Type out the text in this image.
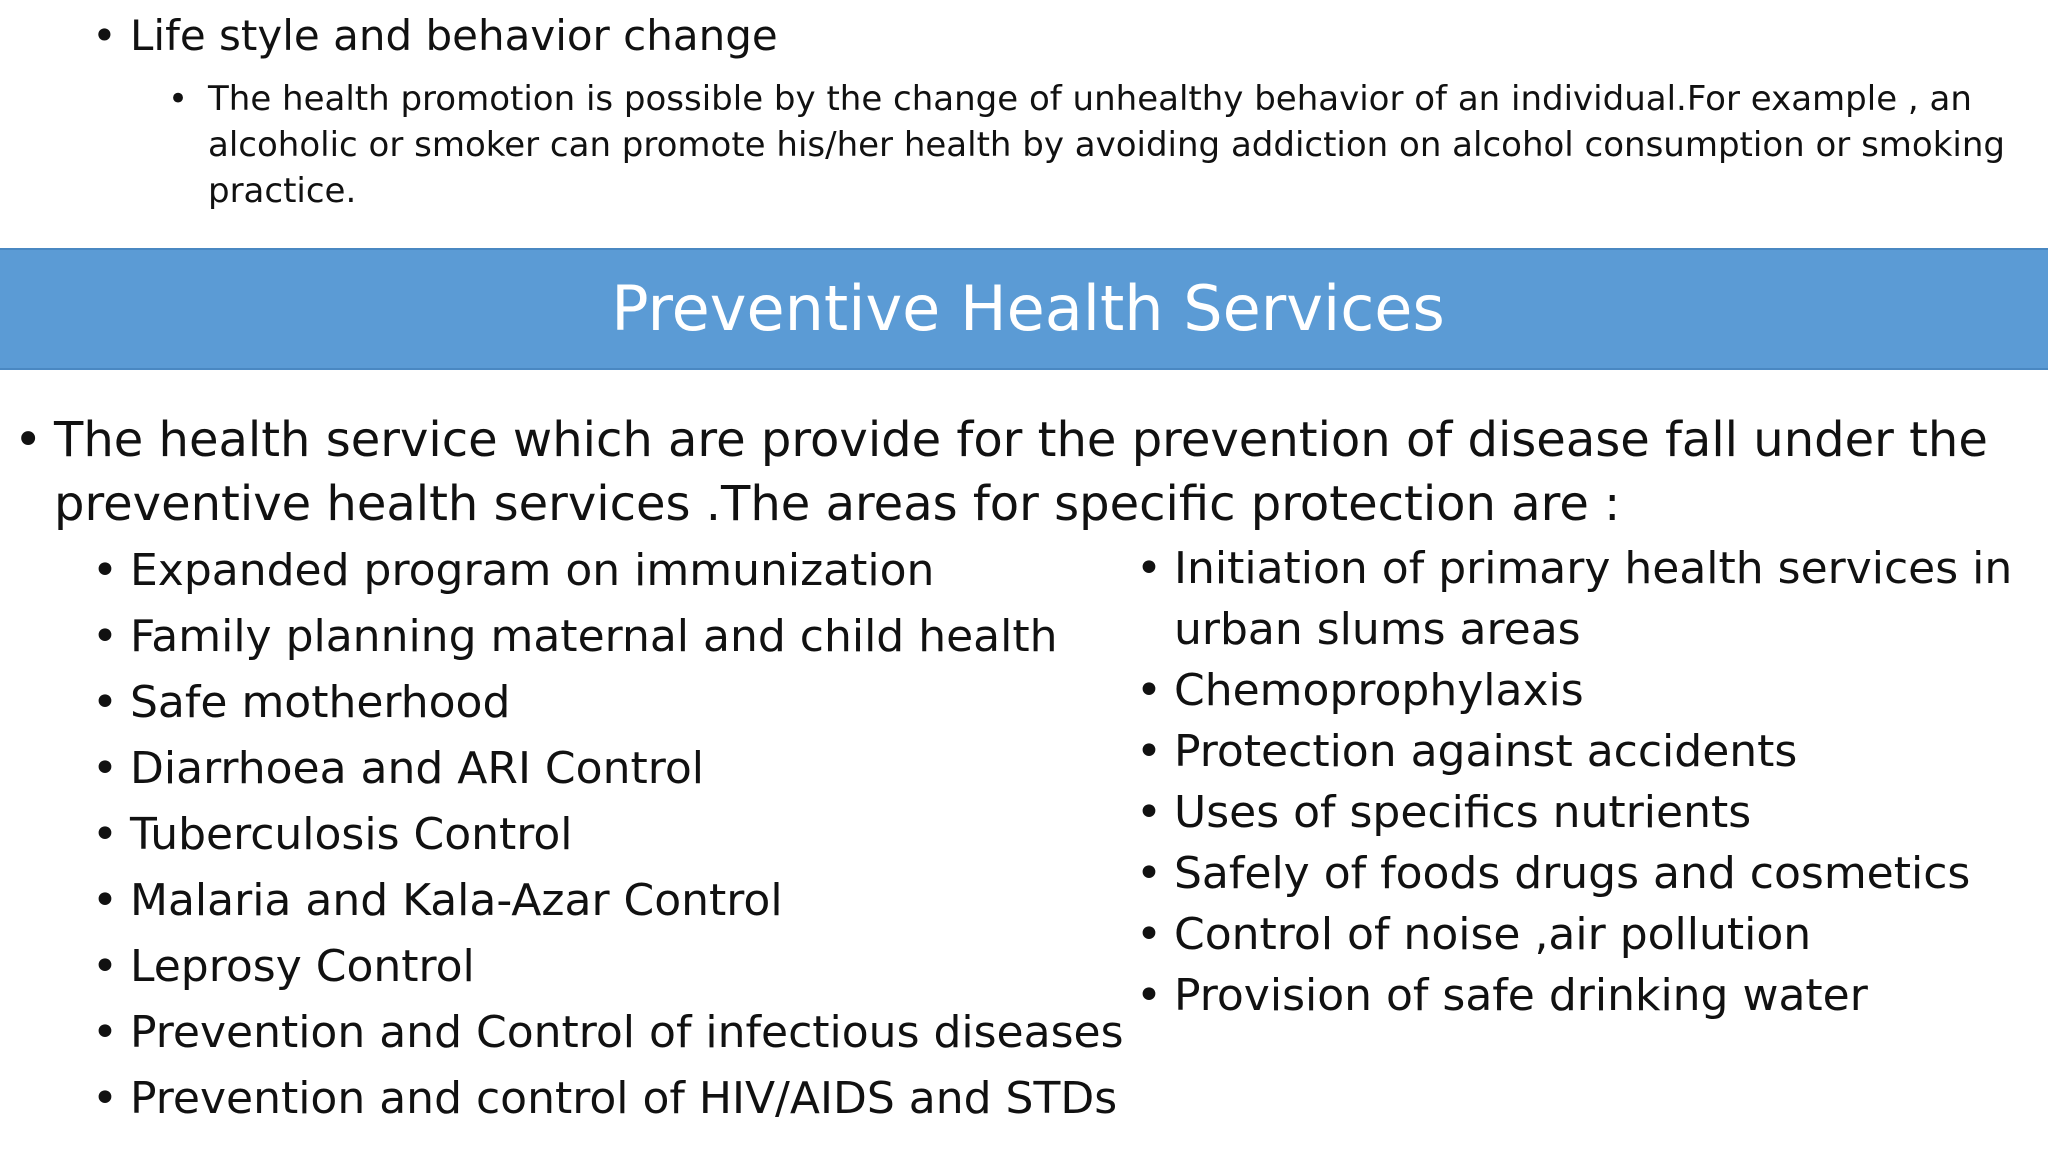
• Life style and behavior change
• The health promotion is possible by the change of unhealthy behavior of an individual.For example , an alcoholic or smoker can promote his/her health by avoiding addiction on alcohol consumption or smoking practice.
Preventive Health Services
• The health service which are provide for the prevention of disease fall under the preventive health services .The areas for specific protection are :
• Expanded program on immunization
• Family planning maternal and child health
• Safe motherhood
• Diarrhoea and ARI Control
• Tuberculosis Control
• Malaria and Kala-Azar Control
• Leprosy Control
• Prevention and Control of infectious diseases
• Prevention and control of HIV/AIDS and STDs
• Initiation of primary health services in urban slums areas
• Chemoprophylaxis
• Protection against accidents
• Uses of specifics nutrients
• Safely of foods drugs and cosmetics
• Control of noise ,air pollution
• Provision of safe drinking water
